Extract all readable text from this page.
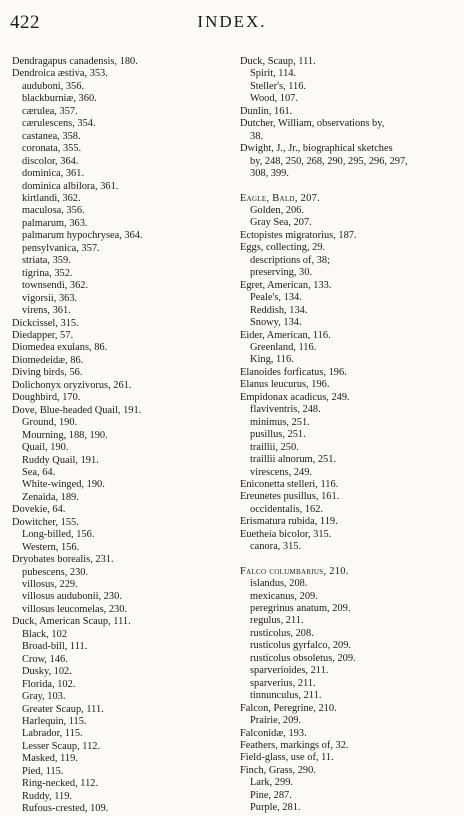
422	INDEX.
Dendragapus canadensis, 180.
Dendroica æstiva, 353.
auduboni, 356.
blackburniæ, 360.
cærulea, 357.
cærulescens, 354.
castanea, 358.
coronata, 355.
discolor, 364.
dominica, 361.
dominica albilora, 361.
kirtlandi, 362.
maculosa, 356.
palmarum, 363.
palmarum hypochrysea, 364.
pensylvanica, 357.
striata, 359.
tigrina, 352.
townsendi, 362.
vigorsii, 363.
virens, 361.
Dickcissel, 315.
Diedapper, 57.
Diomedea exulans, 86.
Diomedeidæ, 86.
Diving birds, 56.
Dolichonyx oryzivorus, 261.
Doughbird, 170.
Dove, Blue-headed Quail, 191.
Ground, 190.
Mourning, 188, 190.
Quail, 190.
Ruddy Quail, 191.
Sea, 64.
White-winged, 190.
Zenaida, 189.
Dovekie, 64.
Dowitcher, 155.
Long-billed, 156.
Western, 156.
Dryobates borealis, 231.
pubescens, 230.
villosus, 229.
villosus audubonii, 230.
villosus leucomelas, 230.
Duck, American Scaup, 111.
Black, 102
Broad-bill, 111.
Crow, 146.
Dusky, 102.
Florida, 102.
Gray, 103.
Greater Scaup, 111.
Harlequin, 115.
Labrador, 115.
Lesser Scaup, 112.
Masked, 119.
Pied, 115.
Ring-necked, 112.
Ruddy, 119.
Rufous-crested, 109.
Duck, Scaup, 111.
Spirit, 114.
Steller's, 116.
Wood, 107.
Dunlin, 161.
Dutcher, William, observations by,
38.
Dwight, J., Jr., biographical sketches
by, 248, 250, 268, 290, 295, 296, 297,
308, 399.
Eagle, Bald, 207.
Golden, 206.
Gray Sea, 207.
Ectopistes migratorius, 187.
Eggs, collecting, 29.
descriptions of, 38;
preserving, 30.
Egret, American, 133.
Peale's, 134.
Reddish, 134.
Snowy, 134.
Eider, American, 116.
Greenland, 116.
King, 116.
Elanoides forficatus, 196.
Elanus leucurus, 196.
Empidonax acadicus, 249.
flaviventris, 248.
minimus, 251.
pusillus, 251.
traillii, 250.
traillii alnorum, 251.
virescens, 249.
Eniconetta stelleri, 116.
Ereunetes pusillus, 161.
occidentalis, 162.
Erismatura rubida, 119.
Euetheia bicolor, 315.
canora, 315.
Falco columbarius, 210.
islandus, 208.
mexicanus, 209.
peregrinus anatum, 209.
regulus, 211.
rusticolus, 208.
rusticolus gyrfalco, 209.
rusticolus obsoletus, 209.
sparverioides, 211.
sparverius, 211.
tinnunculus, 211.
Falcon, Peregrine, 210.
Prairie, 209.
Falconidæ, 193.
Feathers, markings of, 32.
Field-glass, use of, 11.
Finch, Grass, 290.
Lark, 299.
Pine, 287.
Purple, 281.
